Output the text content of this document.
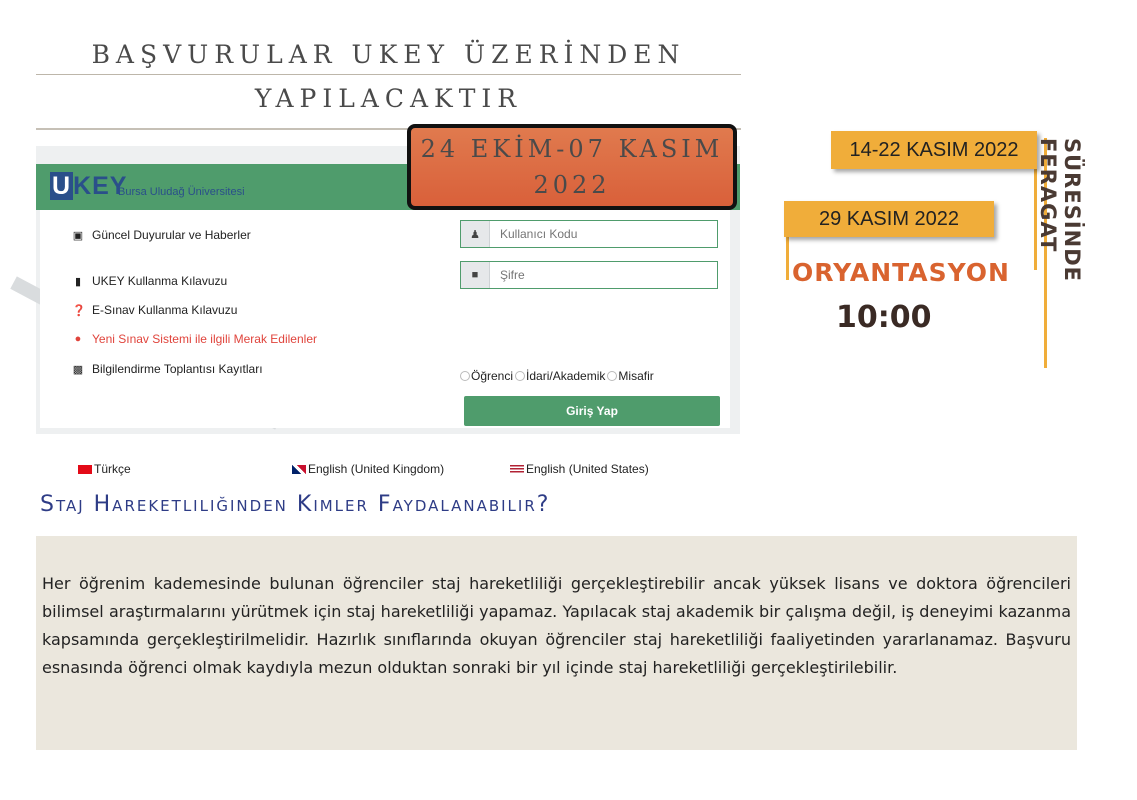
BAŞVURULAR UKEY ÜZERİNDEN
YAPILACAKTIR
UKEY
Bursa Uludağ Üniversitesi
▣ Güncel Duyurular ve Haberler
▮ UKEY Kullanma Kılavuzu
❓ E-Sınav Kullanma Kılavuzu
● Yeni Sınav Sistemi ile ilgili Merak Edilenler
▩ Bilgilendirme Toplantısı Kayıtları
♟
Kullanıcı Kodu
■
Şifre
Öğrenci İdari/Akademik Misafir
Giriş Yap
Türkçe	English (United Kingdom)	English (United States)
24 EKİM-07 KASIM
2022
14-22 KASIM 2022
29 KASIM 2022
ORYANTASYON
10:00
SÜRESİNDE FERAGAT
Staj Hareketliliğinden Kimler Faydalanabilir?

Her öğrenim kademesinde bulunan öğrenciler staj hareketliliği gerçekleştirebilir ancak yüksek lisans ve doktora öğrencileri bilimsel araştırmalarını yürütmek için staj hareketliliği yapamaz. Yapılacak staj akademik bir çalışma değil, iş deneyimi kazanma kapsamında gerçekleştirilmelidir. Hazırlık sınıflarında okuyan öğrenciler staj hareketliliği faaliyetinden yararlanamaz. Başvuru esnasında öğrenci olmak kaydıyla mezun olduktan sonraki bir yıl içinde staj hareketliliği gerçekleştirilebilir.
